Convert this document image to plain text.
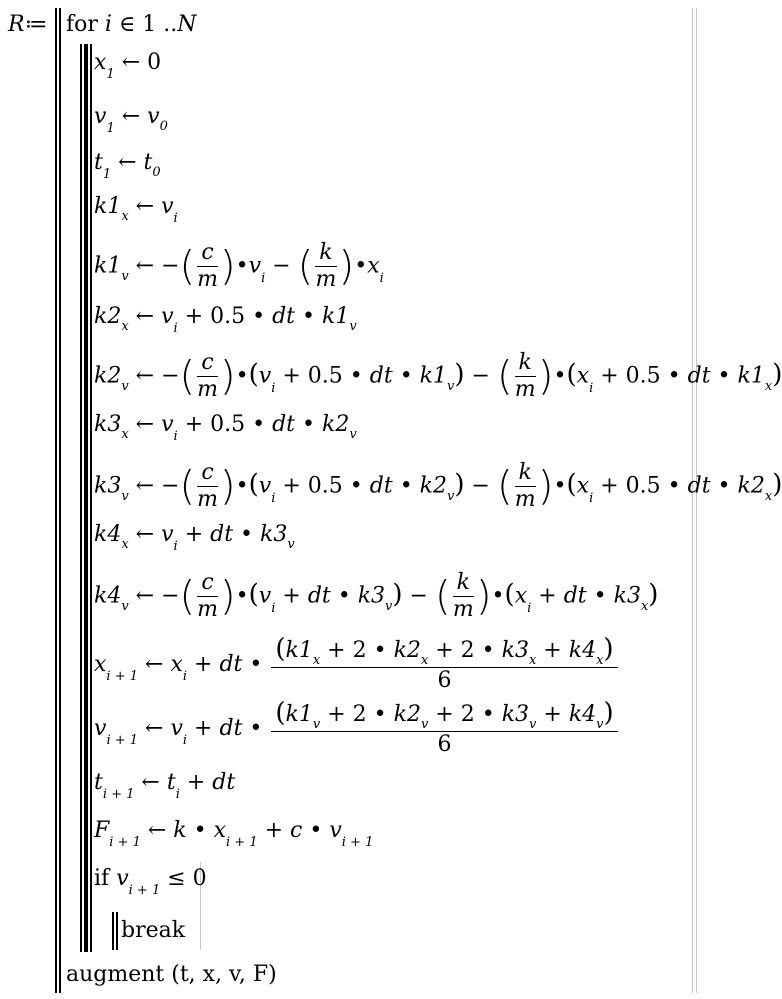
R≔ for i ∈ 1 ..N
$x_1$ ← 0
$v_1$ ← $v_0$
$t_1$ ← $t_0$
$k1_x$ ← $v_i$
$k1_v$ ← −( $\frac{c}{m}$ )$•v_i$ − ( $\frac{k}{m}$ )$•x_i$
$k2_x$ ← $v_i + 0.5$ • dt • $k1_v$
$k2_v$ ← −( $\frac{c}{m}$ )$•(v_i + 0.5$ • dt • $k1_v$) − ( $\frac{k}{m}$ )$•(x_i + 0.5$ • dt • $k1_x$)
$k3_x$ ← $v_i + 0.5$ • dt • $k2_v$
$k3_v$ ← −( $\frac{c}{m}$ )$•(v_i + 0.5$ • dt • $k2_v$) − ( $\frac{k}{m}$ )$•(x_i + 0.5$ • dt • $k2_x$)
$k4_x$ ← $v_i$ + dt • $k3_v$
$k4_v$ ← −( $\frac{c}{m}$ )$•(v_i$ + dt • $k3_v$) − ( $\frac{k}{m}$ )$•(x_i$ + dt • $k3_x$)
$x_{i + 1}$ ← $x_i$ + dt • $\frac{(k1_x + 2 • k2_x + 2 • k3_x + k4_x)}{6}$
$v_{i + 1}$ ← $v_i$ + dt • $\frac{(k1_v + 2 • k2_v + 2 • k3_v + k4_v)}{6}$
$t_{i + 1}$ ← $t_i$ + dt
$F_{i + 1}$ ← k • $x_{i + 1} + c$ • $v_{i + 1}$
if $v_{i + 1} \le 0$
break
augment (t, x, v, F)
